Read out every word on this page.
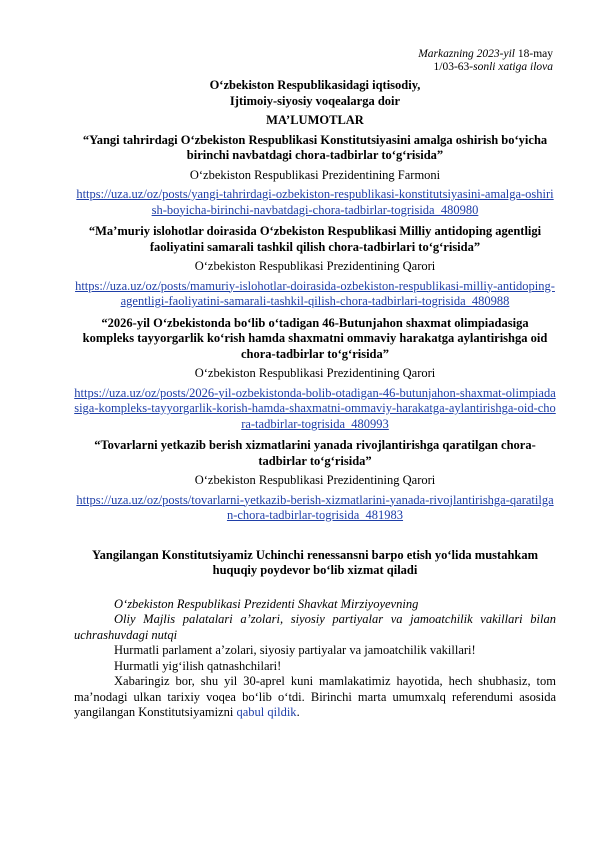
Markazning 2023-yil 18-may
1/03-63-sonli xatiga ilova
O‘zbekiston Respublikasidagi iqtisodiy,
Ijtimoiy-siyosiy voqealarga doir
MA’LUMOTLAR
“Yangi tahrirdagi O‘zbekiston Respublikasi Konstitutsiyasini amalga oshirish bo‘yicha birinchi navbatdagi chora-tadbirlar to‘g‘risida”
O‘zbekiston Respublikasi Prezidentining Farmoni
https://uza.uz/oz/posts/yangi-tahrirdagi-ozbekiston-respublikasi-konstitutsiyasini-amalga-oshirish-boyicha-birinchi-navbatdagi-chora-tadbirlar-togrisida_480980
“Ma’muriy islohotlar doirasida O‘zbekiston Respublikasi Milliy antidoping agentligi faoliyatini samarali tashkil qilish chora-tadbirlari to‘g‘risida”
O‘zbekiston Respublikasi Prezidentining Qarori
https://uza.uz/oz/posts/mamuriy-islohotlar-doirasida-ozbekiston-respublikasi-milliy-antidoping-agentligi-faoliyatini-samarali-tashkil-qilish-chora-tadbirlari-togrisida_480988
“2026-yil O‘zbekistonda bo‘lib o‘tadigan 46-Butunjahon shaxmat olimpiadasiga kompleks tayyorgarlik ko‘rish hamda shaxmatni ommaviy harakatga aylantirishga oid chora-tadbirlar to‘g‘risida”
O‘zbekiston Respublikasi Prezidentining Qarori
https://uza.uz/oz/posts/2026-yil-ozbekistonda-bolib-otadigan-46-butunjahon-shaxmat-olimpiadasiga-kompleks-tayyorgarlik-korish-hamda-shaxmatni-ommaviy-harakatga-aylantirishga-oid-chora-tadbirlar-togrisida_480993
“Tovarlarni yetkazib berish xizmatlarini yanada rivojlantirishga qaratilgan chora-tadbirlar to‘g‘risida”
O‘zbekiston Respublikasi Prezidentining Qarori
https://uza.uz/oz/posts/tovarlarni-yetkazib-berish-xizmatlarini-yanada-rivojlantirishga-qaratilgan-chora-tadbirlar-togrisida_481983
Yangilangan Konstitutsiyamiz Uchinchi renessansni barpo etish yo‘lida mustahkam huquqiy poydevor bo‘lib xizmat qiladi

O‘zbekiston Respublikasi Prezidenti Shavkat Mirziyoyevning

Oliy Majlis palatalari a’zolari, siyosiy partiyalar va jamoatchilik vakillari bilan uchrashuvdagi nutqi

Hurmatli parlament a’zolari, siyosiy partiyalar va jamoatchilik vakillari!

Hurmatli yig‘ilish qatnashchilari!

Xabaringiz bor, shu yil 30-aprel kuni mamlakatimiz hayotida, hech shubhasiz, tom ma’nodagi ulkan tarixiy voqea bo‘lib o‘tdi. Birinchi marta umumxalq referendumi asosida yangilangan Konstitutsiyamizni qabul qildik.
